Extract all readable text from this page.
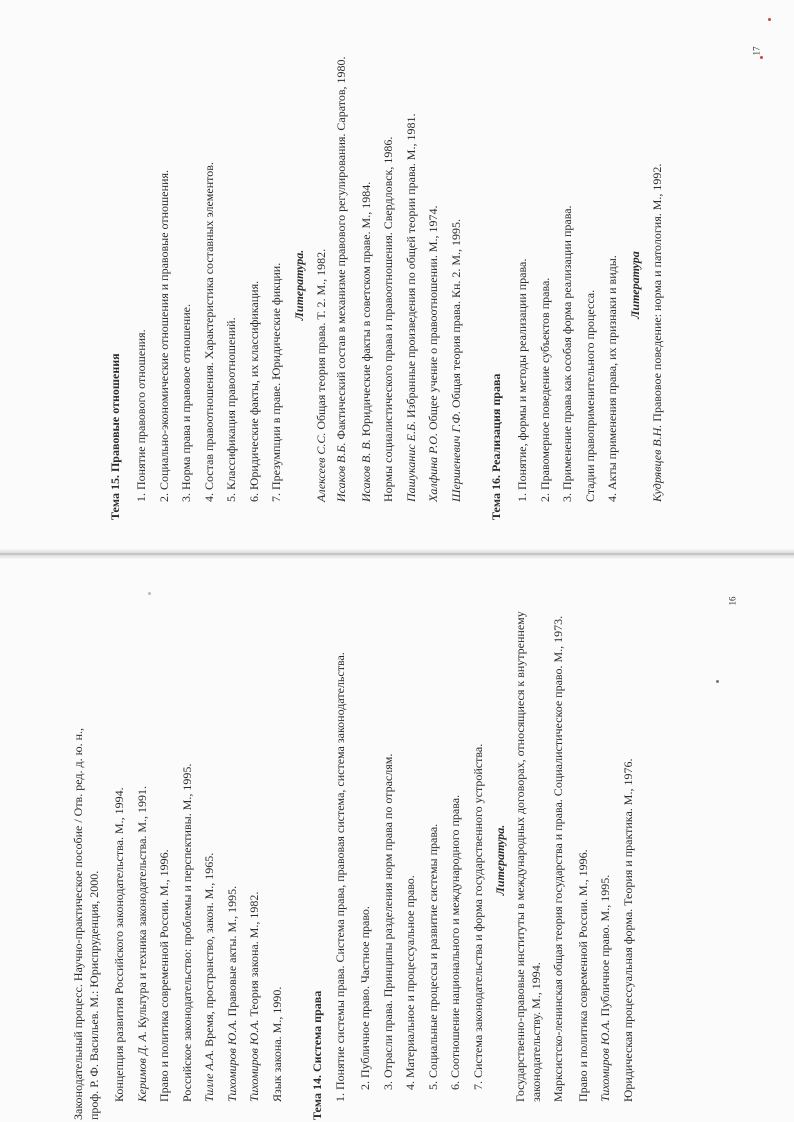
Законодательный процесс. Научно-практическое пособие / Отв. ред. д. ю. н., проф. Р. Ф. Васильев. М.: Юриспруденция, 2000. Концепция развития Российского законодательства. М., 1994. Керимов Д. А. Культура и техника законодательства. М., 1991. Право и политика современной России. М., 1996. Российское законодательство: проблемы и перспективы. М., 1995. Тилле А.А. Время, пространство, закон. М., 1965.
Тихомиров Ю.А. Правовые акты. М., 1995.
Тихомиров Ю.А. Теория закона. М., 1982.
Язык закона. М., 1990.	Тема 14. Система права 1. Понятие системы права. Система права, правовая система, система законодательства. 2. Публичное право. Частное право. 3. Отрасли права. Принципы разделения норм права по отраслям. 4. Материальное и процессуальное право. 5. Социальные процессы и развитие системы права. 6. Соотношение национального и международного права. 7. Система законодательства и форма государственного устройства. Литература. Государственно-правовые институты в международных договорах, относящиеся к внутреннему законодательству. М., 1994. Марксистско-ленинская общая теория государства и права. Социалистическое право. М., 1973. Право и политика современной России. М., 1996. Тихомиров Ю.А. Публичное право. М., 1995. Юридическая процессуальная форма. Теория и практика. М., 1976.
16
Тема 15. Правовые отношения	1. Понятие правового отношения. 2. Социально-экономические отношения и правовые отношения. 3. Норма права и правовое отношение. 4. Состав правоотношения. Характеристика составных элементов. 5. Классификация правоотношений. 6. Юридические факты, их классификация. 7. Презумпции в праве. Юридические фикции. Литература.
Алексеев С.С. Общая теория права. Т. 2. М., 1982.
Исаков В.Б. Фактический состав в механизме правового регулирования. Саратов, 1980.
Исаков В. В. Юридические факты в советском праве. М., 1984. Нормы социалистического права и правоотношения. Свердловск, 1986. Пашуканис Е.Б. Избранные произведения по общей теории права. М., 1981.
Халфина Р.О. Общее учение о правоотношении. М., 1974.
Шершеневич Г.Ф. Общая теория права. Кн. 2. М., 1995.
Тема 16. Реализация права	1. Понятие, формы и методы реализации права. 2. Правомерное поведение субъектов права. 3. Применение права как особая форма реализации права. Стадии правоприменительного процесса. 4. Акты применения права, их признаки и виды. Литература
Кудрявцев В.Н. Правовое поведение: норма и патология. М., 1992.
17
